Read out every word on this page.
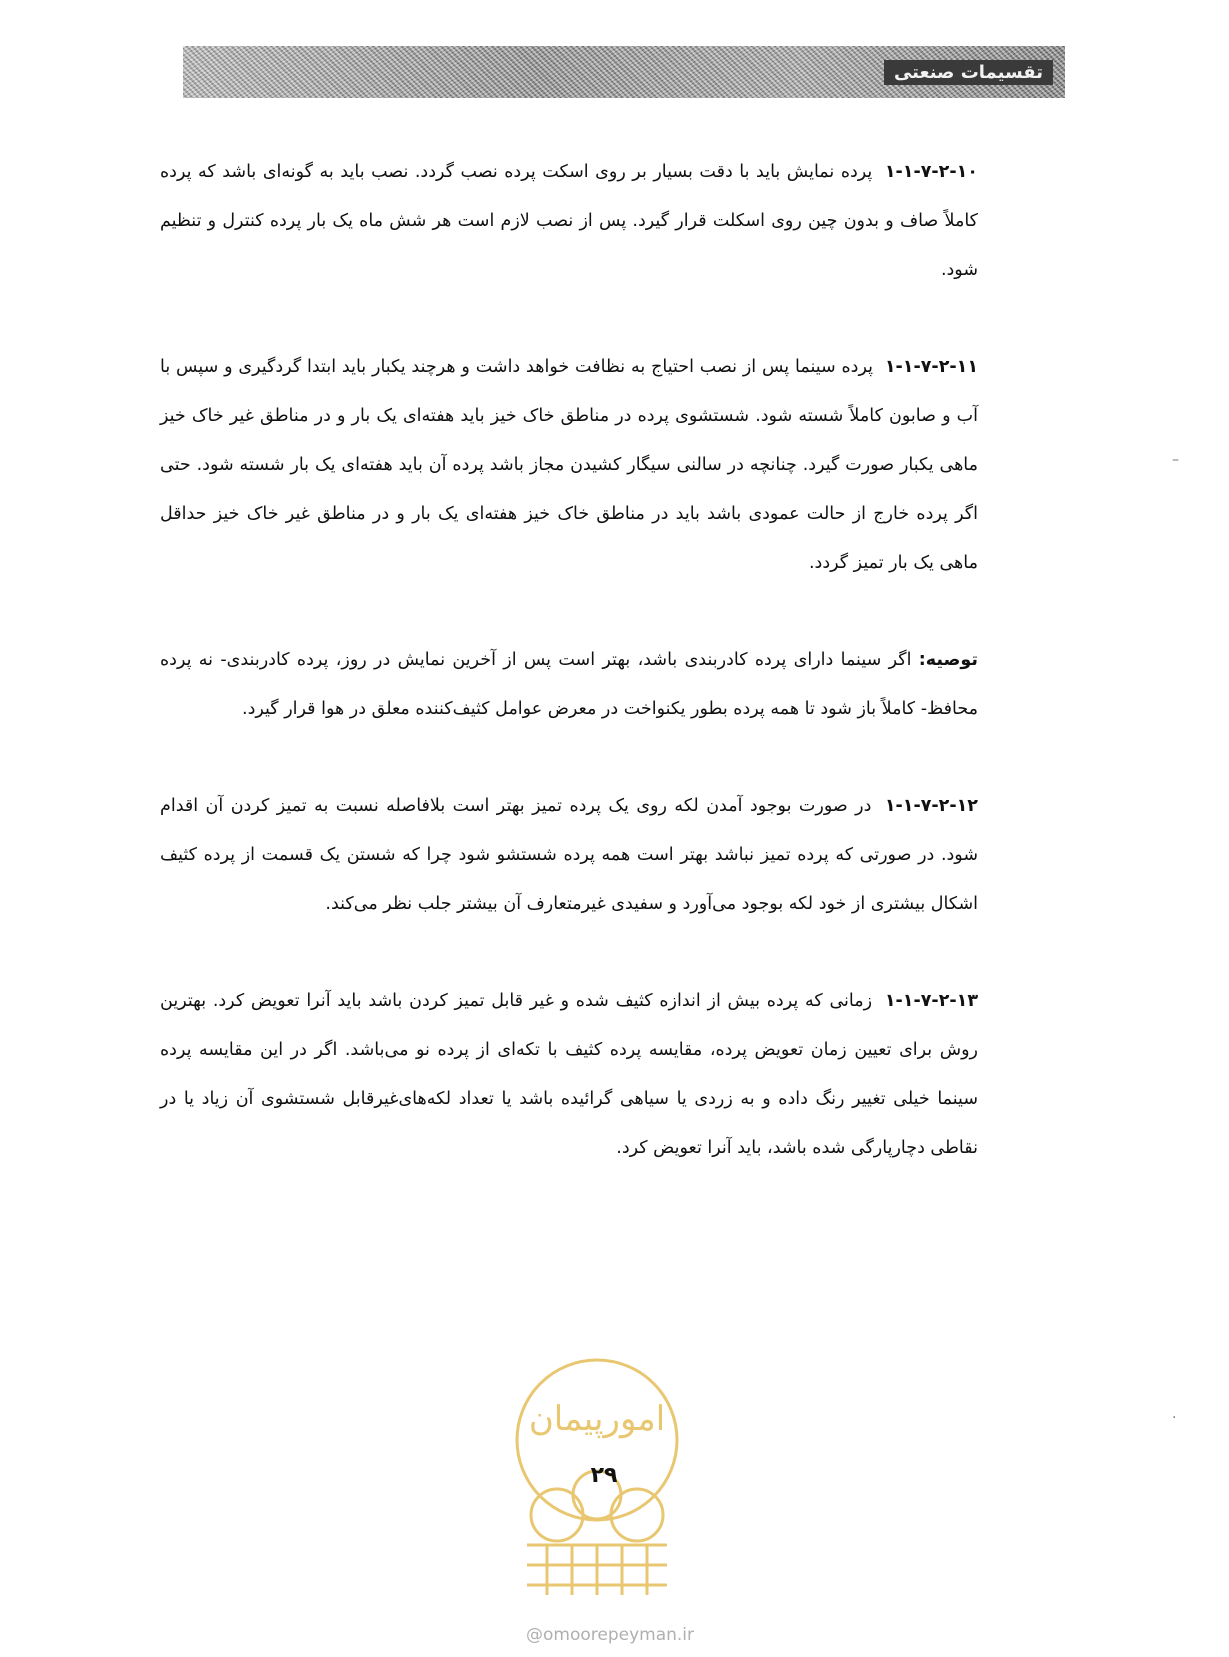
تقسیمات صنعتی

۱-۱-۷-۲-۱۰ پرده نمایش باید با دقت بسیار بر روی اسکت پرده نصب گردد. نصب باید به گونه‌ای باشد که پرده کاملاً صاف و بدون چین روی اسکلت قرار گیرد. پس از نصب لازم است هر شش ماه یک بار پرده کنترل و تنظیم شود.

۱-۱-۷-۲-۱۱ پرده سینما پس از نصب احتیاج به نظافت خواهد داشت و هرچند یکبار باید ابتدا گردگیری و سپس با آب و صابون کاملاً شسته شود. شستشوی پرده در مناطق خاک خیز باید هفته‌ای یک بار و در مناطق غیر خاک خیز ماهی یکبار صورت گیرد. چنانچه در سالنی سیگار کشیدن مجاز باشد پرده آن باید هفته‌ای یک بار شسته شود. حتی اگر پرده خارج از حالت عمودی باشد باید در مناطق خاک خیز هفته‌ای یک بار و در مناطق غیر خاک خیز حداقل ماهی یک بار تمیز گردد.

توصیه: اگر سینما دارای پرده کادربندی باشد، بهتر است پس از آخرین نمایش در روز، پرده کادربندی- نه پرده محافظ- کاملاً باز شود تا همه پرده بطور یکنواخت در معرض عوامل کثیف‌کننده معلق در هوا قرار گیرد.

۱-۱-۷-۲-۱۲ در صورت بوجود آمدن لکه روی یک پرده تمیز بهتر است بلافاصله نسبت به تمیز کردن آن اقدام شود. در صورتی که پرده تمیز نباشد بهتر است همه پرده شستشو شود چرا که شستن یک قسمت از پرده کثیف اشکال بیشتری از خود لکه بوجود می‌آورد و سفیدی غیرمتعارف آن بیشتر جلب نظر می‌کند.

۱-۱-۷-۲-۱۳ زمانی که پرده بیش از اندازه کثیف شده و غیر قابل تمیز کردن باشد باید آنرا تعویض کرد. بهترین روش برای تعیین زمان تعویض پرده، مقایسه پرده کثیف با تکه‌ای از پرده نو می‌باشد. اگر در این مقایسه پرده سینما خیلی تغییر رنگ داده و به زردی یا سیاهی گرائیده باشد یا تعداد لکه‌های‌غیرقابل شستشوی آن زیاد یا در نقاطی دچارپارگی شده باشد، باید آنرا تعویض کرد.

–
·
امورپیمان
۲۹
@omoorepeyman.ir
